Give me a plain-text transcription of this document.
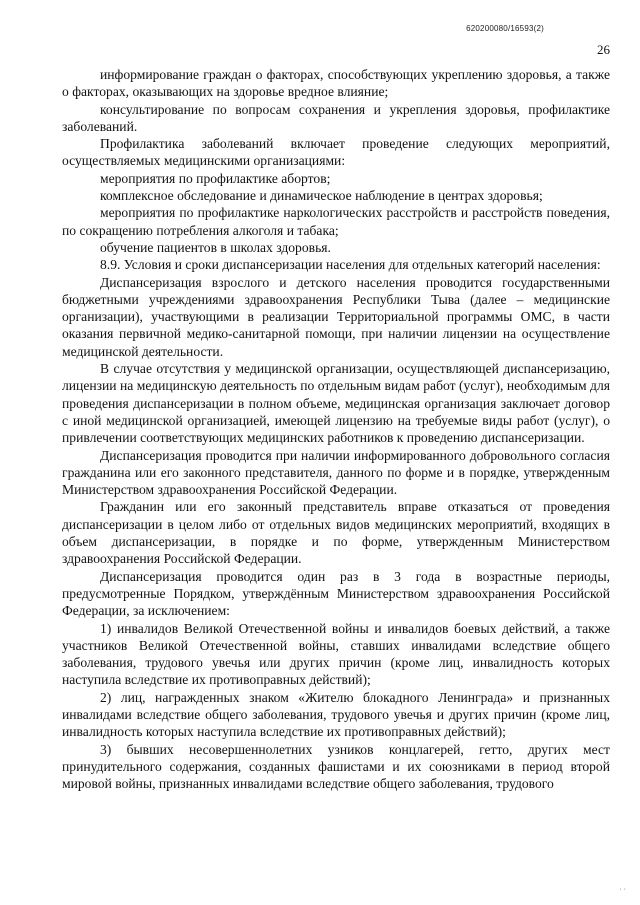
620200080/16593(2)
26

информирование граждан о факторах, способствующих укреплению здоровья, а также о факторах, оказывающих на здоровье вредное влияние;

консультирование по вопросам сохранения и укрепления здоровья, профилактике заболеваний.

Профилактика заболеваний включает проведение следующих мероприятий, осуществляемых медицинскими организациями:

мероприятия по профилактике абортов;

комплексное обследование и динамическое наблюдение в центрах здоровья;

мероприятия по профилактике наркологических расстройств и расстройств поведения, по сокращению потребления алкоголя и табака;

обучение пациентов в школах здоровья.

8.9. Условия и сроки диспансеризации населения для отдельных категорий населения:

Диспансеризация взрослого и детского населения проводится государственными бюджетными учреждениями здравоохранения Республики Тыва (далее – медицинские организации), участвующими в реализации Территориальной программы ОМС, в части оказания первичной медико-санитарной помощи, при наличии лицензии на осуществление медицинской деятельности.

В случае отсутствия у медицинской организации, осуществляющей диспансеризацию, лицензии на медицинскую деятельность по отдельным видам работ (услуг), необходимым для проведения диспансеризации в полном объеме, медицинская организация заключает договор с иной медицинской организацией, имеющей лицензию на требуемые виды работ (услуг), о привлечении соответствующих медицинских работников к проведению диспансеризации.

Диспансеризация проводится при наличии информированного добровольного согласия гражданина или его законного представителя, данного по форме и в порядке, утвержденным Министерством здравоохранения Российской Федерации.

Гражданин или его законный представитель вправе отказаться от проведения диспансеризации в целом либо от отдельных видов медицинских мероприятий, входящих в объем диспансеризации, в порядке и по форме, утвержденным Министерством здравоохранения Российской Федерации.

Диспансеризация проводится один раз в 3 года в возрастные периоды, предусмотренные Порядком, утверждённым Министерством здравоохранения Российской Федерации, за исключением:

1) инвалидов Великой Отечественной войны и инвалидов боевых действий, а также участников Великой Отечественной войны, ставших инвалидами вследствие общего заболевания, трудового увечья или других причин (кроме лиц, инвалидность которых наступила вследствие их противоправных действий);

2) лиц, награжденных знаком «Жителю блокадного Ленинграда» и признанных инвалидами вследствие общего заболевания, трудового увечья и других причин (кроме лиц, инвалидность которых наступила вследствие их противоправных действий);

3) бывших несовершеннолетних узников концлагерей, гетто, других мест принудительного содержания, созданных фашистами и их союзниками в период второй мировой войны, признанных инвалидами вследствие общего заболевания, трудового

· ·
